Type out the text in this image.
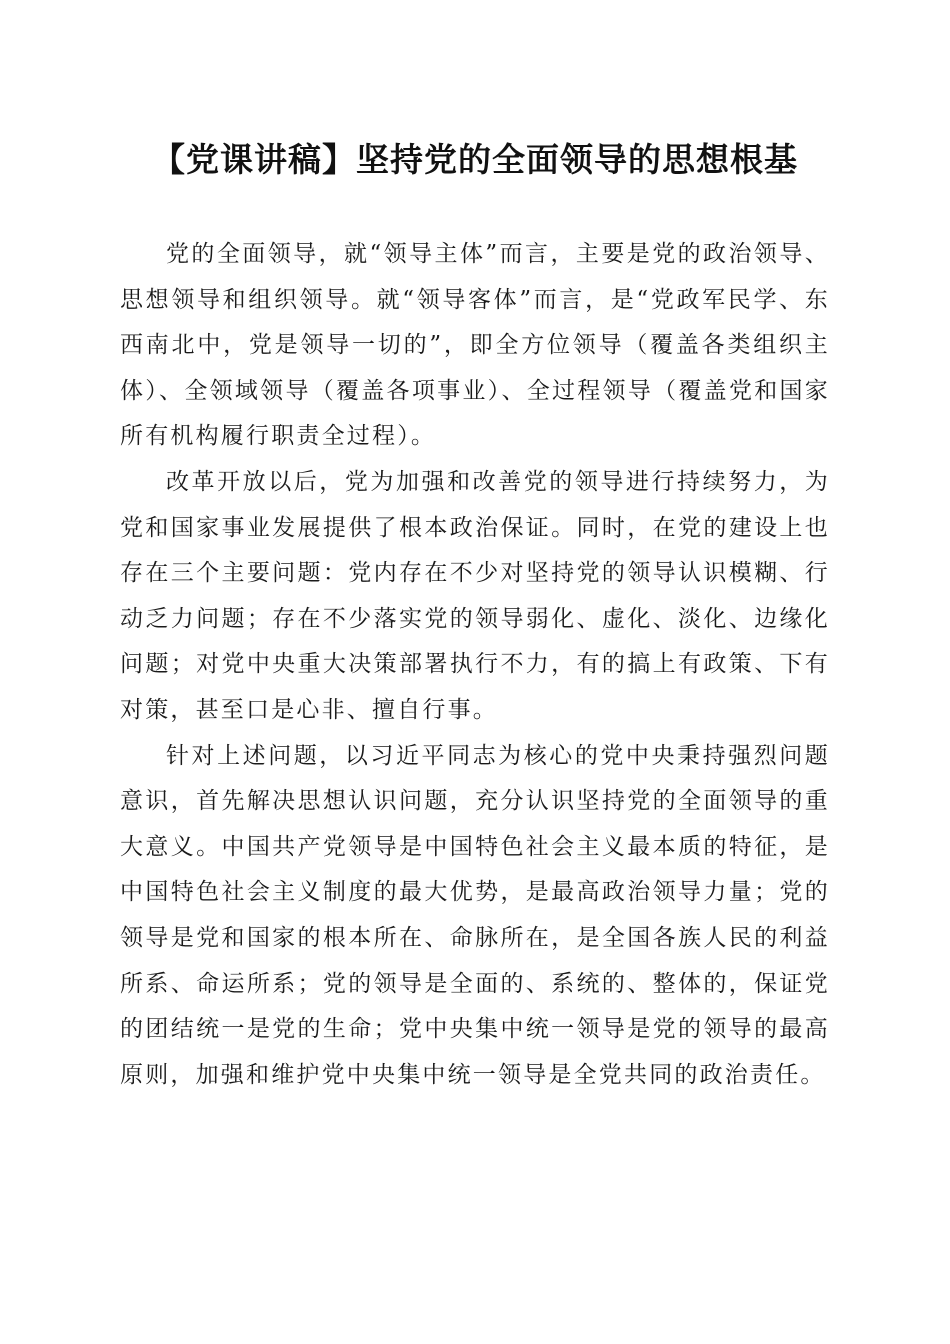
【党课讲稿】坚持党的全面领导的思想根基

党的全面领导，就“领导主体”而言，主要是党的政治领导、思想领导和组织领导。就“领导客体”而言，是“党政军民学、东西南北中，党是领导一切的”，即全方位领导（覆盖各类组织主体）、全领域领导（覆盖各项事业）、全过程领导（覆盖党和国家所有机构履行职责全过程）。

改革开放以后，党为加强和改善党的领导进行持续努力，为党和国家事业发展提供了根本政治保证。同时，在党的建设上也存在三个主要问题：党内存在不少对坚持党的领导认识模糊、行动乏力问题；存在不少落实党的领导弱化、虚化、淡化、边缘化问题；对党中央重大决策部署执行不力，有的搞上有政策、下有对策，甚至口是心非、擅自行事。

针对上述问题，以习近平同志为核心的党中央秉持强烈问题意识，首先解决思想认识问题，充分认识坚持党的全面领导的重大意义。中国共产党领导是中国特色社会主义最本质的特征，是中国特色社会主义制度的最大优势，是最高政治领导力量；党的领导是党和国家的根本所在、命脉所在，是全国各族人民的利益所系、命运所系；党的领导是全面的、系统的、整体的，保证党的团结统一是党的生命；党中央集中统一领导是党的领导的最高原则，加强和维护党中央集中统一领导是全党共同的政治责任。
